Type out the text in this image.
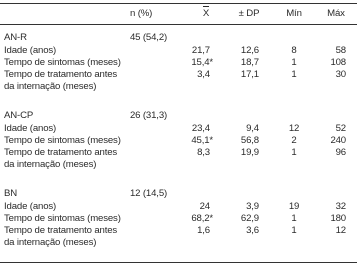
n (%)	X	± DP	Mín	Máx
AN-R	45 (54,2)
Idade (anos)	21,7	12,6	8	58
Tempo de sintomas (meses)	15,4*	18,7	1	108
Tempo de tratamento antes
da internação (meses)
3,4	17,1	1	30
AN-CP	26 (31,3)
Idade (anos)	23,4	9,4	12	52
Tempo de sintomas (meses)	45,1*	56,8	2	240
Tempo de tratamento antes
da internação (meses)
8,3	19,9	1	96
BN	12 (14,5)
Idade (anos)	24	3,9	19	32
Tempo de sintomas (meses)	68,2*	62,9	1	180
Tempo de tratamento antes
da internação (meses)
1,6	3,6	1	12
